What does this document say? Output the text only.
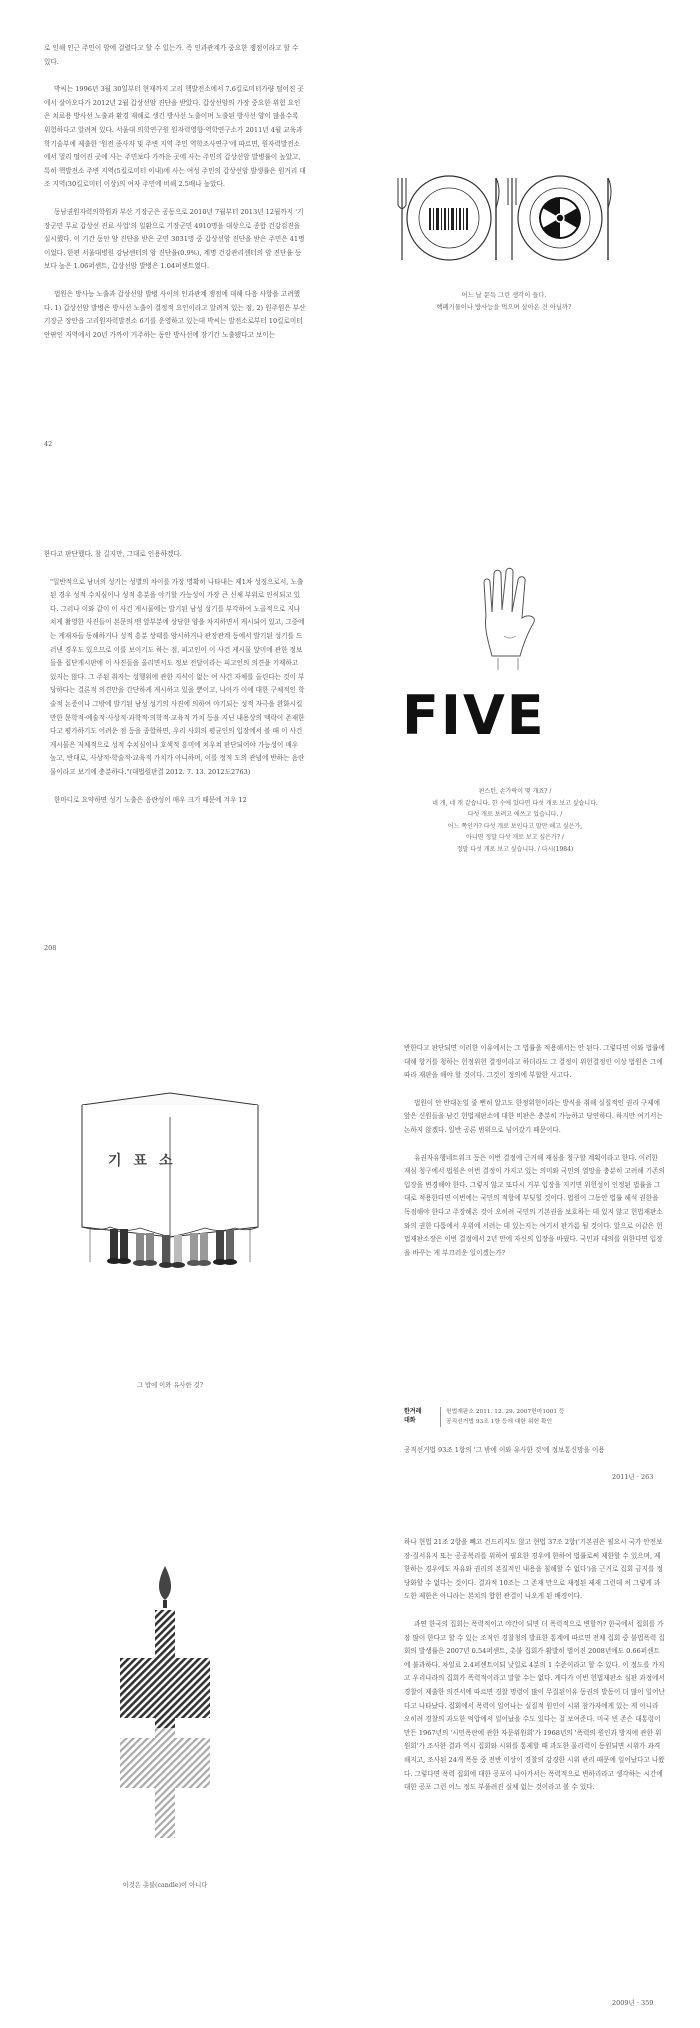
로 인해 인근 주민이 암에 걸렸다고 할 수 있는가. 즉 인과관계가 중요한 쟁점이라고 할 수 있다.

박씨는 1996년 3월 30일부터 현재까지 고리 핵발전소에서 7.6킬로미터가량 떨어진 곳에서 살아오다가 2012년 2월 갑상선암 진단을 받았다. 갑상선암의 가장 중요한 위험 요인은 치료용 방사선 노출과 환경 재해로 생긴 방사선 노출이며 노출된 방사선 양이 많을수록 위험하다고 알려져 있다. 서울대 의학연구원 원자력영향·역학연구소가 2011년 4월 교육과학기술부에 제출한 '원전 종사자 및 주변 지역 주민 역학조사연구'에 따르면, 원자력발전소에서 멀리 떨어진 곳에 사는 주민보다 가까운 곳에 사는 주민의 갑상선암 발병률이 높았고, 특히 핵발전소 주변 지역(5킬로미터 이내)에 사는 여성 주민의 갑상선암 발생률은 원거리 대조 지역(30킬로미터 이상)의 여자 주민에 비해 2.5배나 높았다.

동남권원자력의학원과 부산 기장군은 공동으로 2010년 7월부터 2013년 12월까지 '기장군민 무료 갑상선 진료 사업'의 일환으로 기장군민 4910명을 대상으로 종합 건강검진을 실시했다. 이 기간 동안 암 진단을 받은 군민 3031명 중 갑상선암 진단을 받은 주민은 41명이었다. 한편 서울대병원 강남센터의 암 진단율(0.9%), 계명 건강관리센터의 암 진단율 등 보다 높은 1.06퍼센트, 갑상선암 발병은 1.04퍼센트였다.

법원은 방사능 노출과 갑상선암 발병 사이의 인과관계 쟁점에 대해 다음 사항을 고려했다. 1) 갑상선암 발병은 방사선 노출이 결정적 요인이라고 알려져 있는 점, 2) 원주원은 부산 기장군 장안읍 고리원자력발전소 6기를 운영하고 있는데 박씨는 발전소로부터 10킬로미터 안팎인 지역에서 20년 가까이 거주하는 동안 방사선에 장기간 노출됐다고 보이는

42
어느 날 문득 그린 생각이 들다.
핵폐기물이나 방사능을 먹으며 살아온 건 아닐까?

한다고 판단했다. 참 길지만, 그대로 인용하겠다.

"일반적으로 남녀의 성기는 성별의 차이를 가장 명확히 나타내는 제1차 성징으로서, 노출된 경우 성적 수치심이나 성적 흥분을 야기할 가능성이 가장 큰 신체 부위로 인식되고 있다. 그러나 이와 같이 이 사건 게시물에는 발기된 남성 성기를 부각하여 노골적으로 지나치게 촬영한 사진들이 본문의 맨 앞부분에 상당한 양을 차지하면서 게시되어 있고, 그중에는 게재자들 동해하거나 성적 흥분 상태를 암시하거나 관장관계 등에서 발기된 성기를 드러낸 경우도 있으므로 이를 보이기도 하는 점, 피고인이 이 사건 게시물 앞미에 관한 정보들을 집단게시판에 이 사진들을 올리면서도 정보 전달이라는 피고인의 의견을 기재하고 있지는 않다. 그 주된 취지는 성행위에 관한 지식이 없는 여 사건 자체를 올린다는 것이 부당하다는 결론적 의견만을 간단하게 게시하고 있을 뿐이고, 나아가 이에 대한 구체적인 학술적 논증이나 그밖에 발기된 남성 성기의 사진에 의하여 야기되는 성적 자극을 완화시킬 만한 문학적·예술적·사상적·과학적·의학적·교육적 가치 등을 지닌 내용상의 맥락이 존재한다고 평가하기도 어려운 점 등을 종합하면, 우리 사회의 평균인의 입장에서 볼 때 이 사건 게시물은 저체적으로 성적 수치심이나 호색적 흥미에 치우쳐 판단되어야 가능성이 매우 높고, 반대로, 사상적·학술적·교육적 가치가 아니하며, 이를 정적 도의 관념에 반하는 음란물이라고 보기에 충분하다."(대법원판결 2012. 7. 13. 2012도2763)

한마디로 요약하면 성기 노출은 음란성이 매우 크기 때문에 겨우 12

208
FIVE
핀스턴, 손가락이 몇 개죠? /
네 개, 네 개 같습니다. 한 수에 있다면 다섯 개로 보고 싶습니다.
다섯 개로 보려고 애쓰고 있습니다. /
어느 쪽인가? 다섯 개로 보인다고 말만 해고 싶은가,
아니면 정말 다섯 개로 보고 싶은가? /
정말 다섯 개로 보고 싶습니다. / 다시(1984)
기표소
그 밥에 이와 유사한 것?

반한다고 판단되면 이러한 이유에서는 그 법률을 적용해서는 안 된다. 그렇다면 이와 법률에 대해 항거를 청하는 헌정위헌 결정이라고 하더라도 그 결정이 위헌결정인 이상 법원은 그에 따라 재판을 해야 할 것이다. 그것이 정의에 부합한 사고다.

법원이 안 반대논일 줄 뻔히 알고도 한정위헌이라는 방식을 취해 실질적인 권리 구제에 앞은 신원들을 남긴 헌법재판소에 대한 비판은 충분히 가능하고 당연하다. 하지만 여기서는 논하지 않겠다. 일반 공론 범위으로 넘어갔기 때문이다.

유권자유행네트워크 등은 이번 결정에 근거해 재심을 청구할 계획이라고 한다. 이러한 재심 청구에서 법원은 이번 결정이 가지고 있는 의미와 국민의 열망을 충분히 고려해 기존의 입장을 변경해야 한다. 그렇지 않고 또다시 거부 입장을 지키면 위헌성이 인정된 법률을 그대로 적용한다면 이번에는 국민의 적항에 부딪힐 것이다. 법원이 그동안 법률 해석 권한을 독점해야 한다고 주장해온 것이 오히려 국민의 기본권을 보호하는 데 있지 않고 헌법재판소와의 권한 다툼에서 우위에 서려는 데 있는지는 여기서 판가름 될 것이다. 앞으로 이같은 헌법재판소장은 이번 결정에서 2년 만에 자신의 입장을 바꿨다. 국민과 대의를 위한다면 입장을 바꾸는 게 부끄러운 일이겠는가?

한겨레
대화
헌법재판소 2011. 12. 29. 2007헌마1001 등
공직선거법 93조 1항 등에 대한 위헌 확인
공직선거법 93조 1항의 '그 밖에 이와 유사한 것'에 정보통신망을 이용
2011년 · 263
이것은 촛불(candle)이 아니다

하나 현법 21조 2항을 빼고 건드리지도 않고 현법 37조 2항('기본권은 필요시 국가 안전보장·질서유지 또는 공공복리를 위하여 필요한 경우에 한하여 법률로써 제한할 수 있으며, 제한하는 경우에도 자유와 권리의 본질적인 내용을 침해할 수 없다')을 근거로 집회 금지를 정당화할 수 없다는 것이다. 결과적 10조는 그 존재 만으로 재정된 제재 그런데 처 그렇게 과도한 제한은 아니라는 본치의 합헌 관결이 나오게 된 배경이다.

과연 한국의 집회는 폭력적이고 야간이 되면 더 폭력적으로 변할까? 한국에서 집회를 가장 많이 한다고 할 수 있는 조직인 경찰청의 발표한 통계에 따르면 전체 집회 중 불법폭력 집회의 발생률은 2007년 0.54퍼센트, 촛불 집회가 활발히 벌어진 2008년에도 0.66퍼센트에 불과하다. 차일료 2.4퍼센트이되 낮일로 4분의 1 수준이라고 할 수 있다. 이 정도를 가지고 우리나라의 집회가 폭력적이라고 말할 수는 없다. 게다가 이번 헌법재판소 심판 과정에서 경찰이 제출한 의견서에 따르면 경찰 명령이 많이 무질된이유 동권의 발동이 더 많이 일어난다고 나타났다. 집회에서 폭력이 일어나는 실질적 원인이 시위 참가자에게 있는 게 아니라 오히려 경찰의 과도한 억압에서 일어났을 수도 있다는 걸 보여준다. 미국 빈 존슨 대통령이 만든 1967년의 '시민폭란에 관한 자문위원회'가 1968년의 '폭력의 원인과 방지에 관한 위원회'가 조사한 결과 역시 집회와 시위를 통제할 때 과도한 물리력이 동원되면 시위가 과격해지고, 조사된 24개 폭동 중 전반 이상이 경찰의 강경한 시위 관리 때문에 일어났다고 나왔다. 그렇다면 폭력 집회에 대한 공포이 나아가서는 폭력적으로 변하리라고 생각하는 시간에 대한 공포 그런 어느 정도 부풀려진 실체 없는 것이라고 볼 수 있다.

2009년 · 359
